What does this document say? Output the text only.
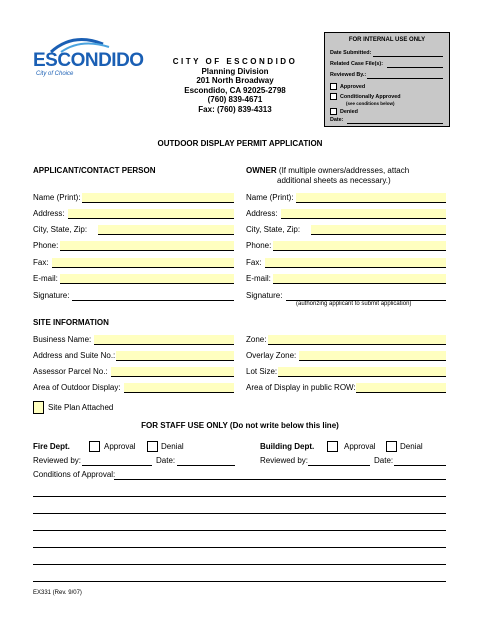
ESCONDIDO
City of Choice
CITY OF ESCONDIDO
Planning Division
201 North Broadway
Escondido, CA 92025-2798
(760) 839-4671
Fax: (760) 839-4313
FOR INTERNAL USE ONLY
Date Submitted:
Related Case File(s):
Reviewed By.:
Approved
Conditionally Approved
(see conditions below)
Denied
Date:
OUTDOOR DISPLAY PERMIT APPLICATION
APPLICANT/CONTACT PERSON	OWNER (If multiple owners/addresses, attach
additional sheets as necessary.)
Name (Print):
Address:
City, State, Zip:
Phone:
Fax:
E-mail:
Signature:
Name (Print):
Address:
City, State, Zip:
Phone:
Fax:
E-mail:
Signature:
(authorizing applicant to submit application)
SITE INFORMATION
Business Name:
Address and Suite No.:
Assessor Parcel No.:
Area of Outdoor Display:
Zone:
Overlay Zone:
Lot Size:
Area of Display in public ROW:
Site Plan Attached
FOR STAFF USE ONLY (Do not write below this line)
Fire Dept.	Approval	Denial	Building Dept.	Approval	Denial
Reviewed by:	Date:	Reviewed by:	Date:
Conditions of Approval:
EX331 (Rev. 9/07)
